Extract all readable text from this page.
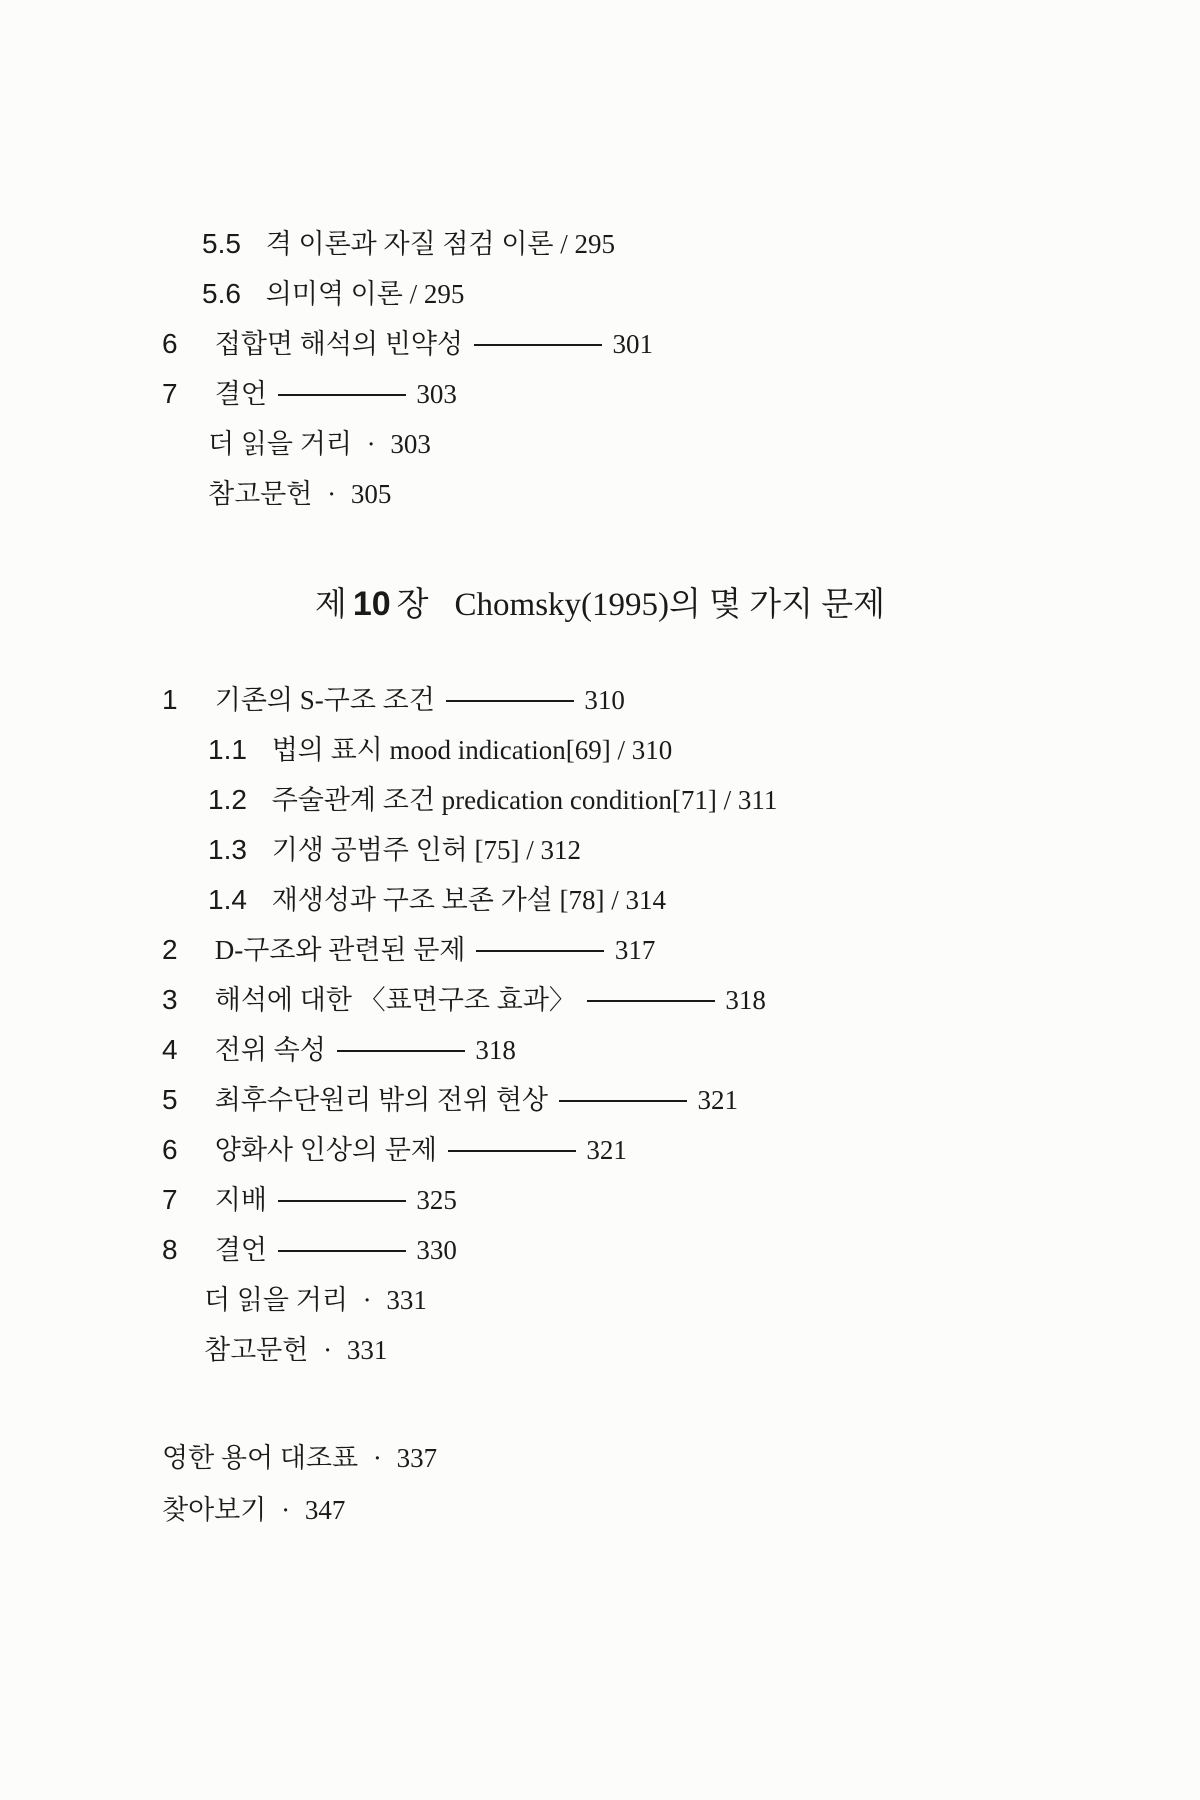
5.5 격 이론과 자질 점검 이론 / 295
5.6 의미역 이론 / 295
6 접합면 해석의 빈약성	301
7 결언	303
더 읽을 거리 · 303
참고문헌 · 305
제 10 장 Chomsky(1995)의 몇 가지 문제
1 기존의 S-구조 조건	310
1.1 법의 표시 mood indication[69] / 310
1.2 주술관계 조건 predication condition[71] / 311
1.3 기생 공범주 인허 [75] / 312
1.4 재생성과 구조 보존 가설 [78] / 314
2 D-구조와 관련된 문제	317
3 해석에 대한 〈표면구조 효과〉	318
4 전위 속성	318
5 최후수단원리 밖의 전위 현상	321
6 양화사 인상의 문제	321
7 지배	325
8 결언	330
더 읽을 거리 · 331
참고문헌 · 331
영한 용어 대조표 · 337
찾아보기 · 347
